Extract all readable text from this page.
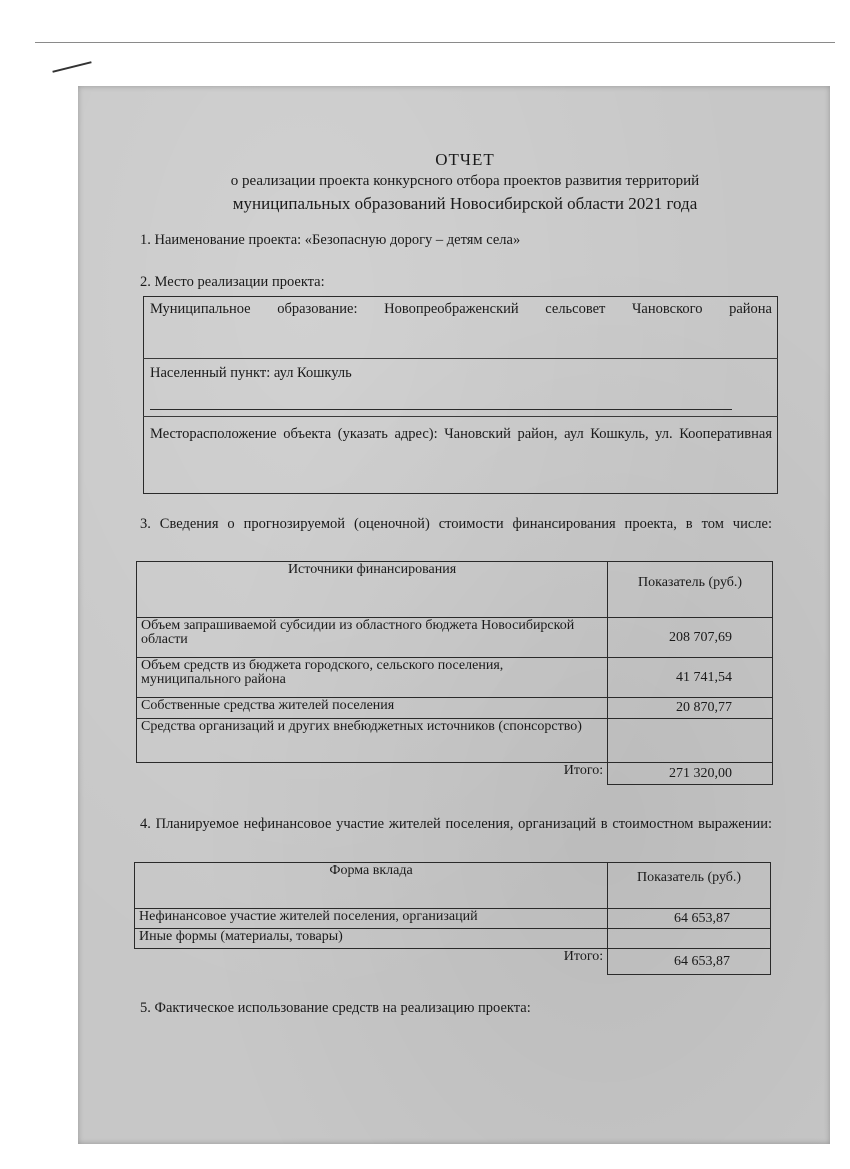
ОТЧЕТ
о реализации проекта конкурсного отбора проектов развития территорий
муниципальных образований Новосибирской области 2021 года
1. Наименование проекта: «Безопасную дорогу – детям села»
2. Место реализации проекта:
Муниципальное образование: Новопреображенский сельсовет Чановского района
Населенный пункт: аул Кошкуль
Месторасположение объекта (указать адрес): Чановский район, аул Кошкуль, ул. Кооперативная
3. Сведения о прогнозируемой (оценочной) стоимости финансирования проекта, в том числе:
Источники финансирования	Показатель (руб.)
Объем запрашиваемой субсидии из областного бюджета Новосибирской области	208 707,69
Объем средств из бюджета городского, сельского поселения, муниципального района	41 741,54
Собственные средства жителей поселения	20 870,77
Средства организаций и других внебюджетных источников (спонсорство)	
Итого:	271 320,00
4. Планируемое нефинансовое участие жителей поселения, организаций в стоимостном выражении:
Форма вклада	Показатель (руб.)
Нефинансовое участие жителей поселения, организаций	64 653,87
Иные формы (материалы, товары)	
Итого:	64 653,87
5. Фактическое использование средств на реализацию проекта:
